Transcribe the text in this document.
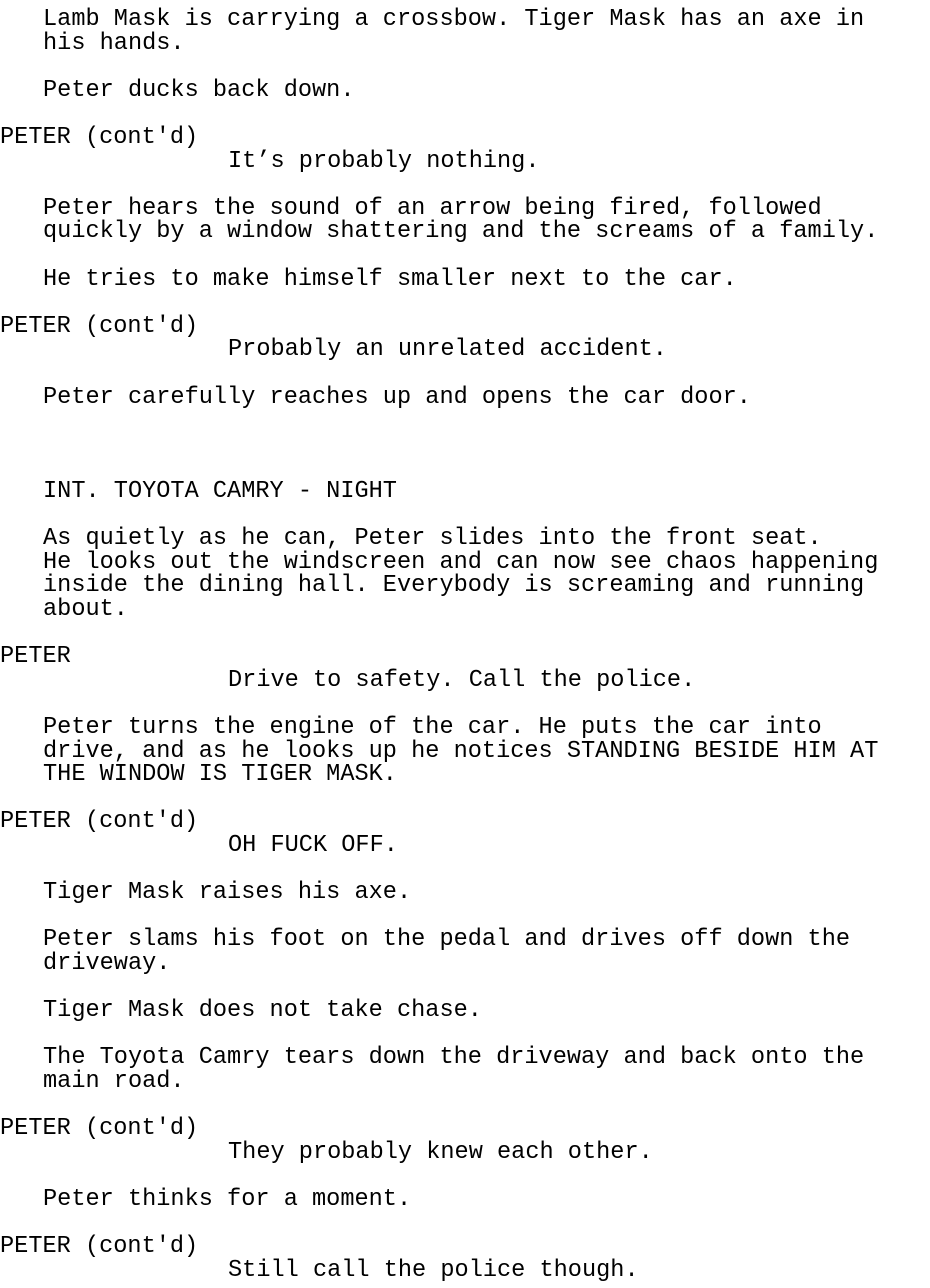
Lamb Mask is carrying a crossbow. Tiger Mask has an axe in
his hands.
Peter ducks back down.
PETER (cont'd)
It’s probably nothing.
Peter hears the sound of an arrow being fired, followed
quickly by a window shattering and the screams of a family.
He tries to make himself smaller next to the car.
PETER (cont'd)
Probably an unrelated accident.
Peter carefully reaches up and opens the car door.
INT. TOYOTA CAMRY - NIGHT
As quietly as he can, Peter slides into the front seat.
He looks out the windscreen and can now see chaos happening
inside the dining hall. Everybody is screaming and running
about.
PETER
Drive to safety. Call the police.
Peter turns the engine of the car. He puts the car into
drive, and as he looks up he notices STANDING BESIDE HIM AT
THE WINDOW IS TIGER MASK.
PETER (cont'd)
OH FUCK OFF.
Tiger Mask raises his axe.
Peter slams his foot on the pedal and drives off down the
driveway.
Tiger Mask does not take chase.
The Toyota Camry tears down the driveway and back onto the
main road.
PETER (cont'd)
They probably knew each other.
Peter thinks for a moment.
PETER (cont'd)
Still call the police though.
